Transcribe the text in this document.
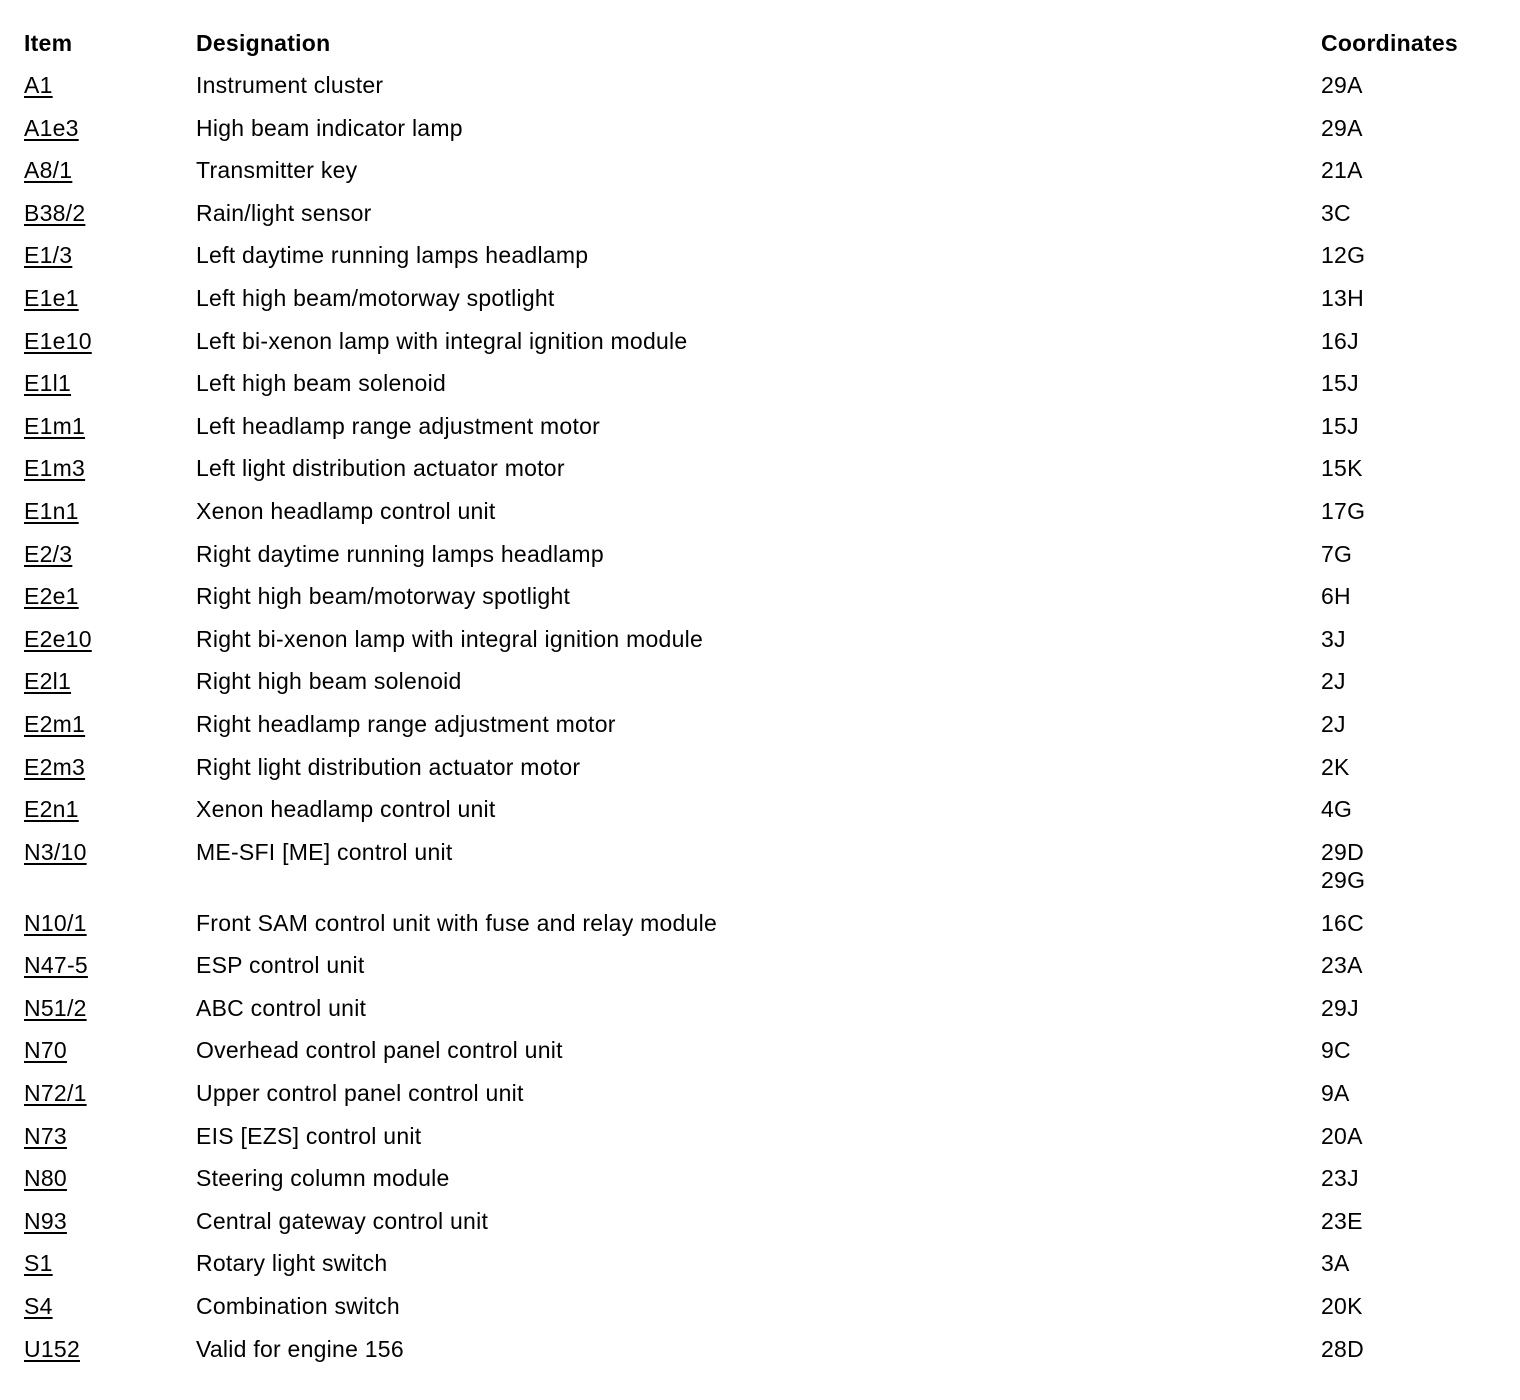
Item	Designation	Coordinates
A1	Instrument cluster	29A

A1e3	High beam indicator lamp	29A

A8/1	Transmitter key	21A

B38/2	Rain/light sensor	3C

E1/3	Left daytime running lamps headlamp	12G

E1e1	Left high beam/motorway spotlight	13H

E1e10	Left bi-xenon lamp with integral ignition module	16J

E1l1	Left high beam solenoid	15J

E1m1	Left headlamp range adjustment motor	15J

E1m3	Left light distribution actuator motor	15K

E1n1	Xenon headlamp control unit	17G

E2/3	Right daytime running lamps headlamp	7G

E2e1	Right high beam/motorway spotlight	6H

E2e10	Right bi-xenon lamp with integral ignition module	3J

E2l1	Right high beam solenoid	2J

E2m1	Right headlamp range adjustment motor	2J

E2m3	Right light distribution actuator motor	2K

E2n1	Xenon headlamp control unit	4G

N3/10	ME-SFI [ME] control unit	29D
29G

N10/1	Front SAM control unit with fuse and relay module	16C

N47-5	ESP control unit	23A

N51/2	ABC control unit	29J

N70	Overhead control panel control unit	9C

N72/1	Upper control panel control unit	9A

N73	EIS [EZS] control unit	20A

N80	Steering column module	23J

N93	Central gateway control unit	23E

S1	Rotary light switch	3A

S4	Combination switch	20K

U152	Valid for engine 156	28D
